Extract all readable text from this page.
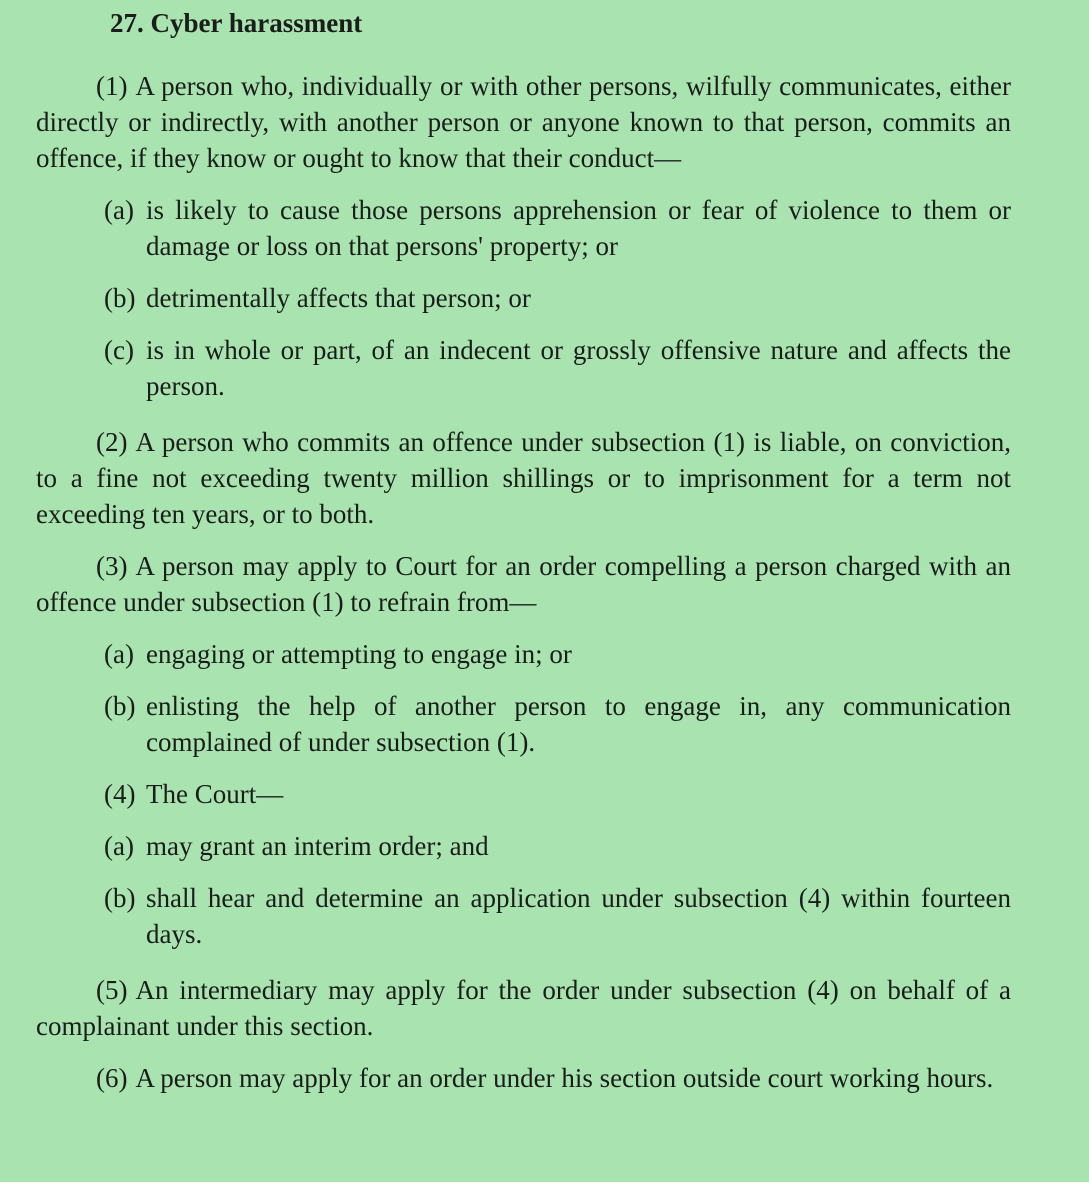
27. Cyber harassment

(1) A person who, individually or with other persons, wilfully communicates, either directly or indirectly, with another person or anyone known to that person, commits an offence, if they know or ought to know that their conduct—

(a) is likely to cause those persons apprehension or fear of violence to them or damage or loss on that persons' property; or
(b) detrimentally affects that person; or
(c) is in whole or part, of an indecent or grossly offensive nature and affects the person.

(2) A person who commits an offence under subsection (1) is liable, on conviction, to a fine not exceeding twenty million shillings or to imprisonment for a term not exceeding ten years, or to both.

(3) A person may apply to Court for an order compelling a person charged with an offence under subsection (1) to refrain from—

(a) engaging or attempting to engage in; or
(b) enlisting the help of another person to engage in, any communication complained of under subsection (1).
(4) The Court—
(a) may grant an interim order; and
(b) shall hear and determine an application under subsection (4) within fourteen days.

(5) An intermediary may apply for the order under subsection (4) on behalf of a complainant under this section.

(6) A person may apply for an order under his section outside court working hours.
